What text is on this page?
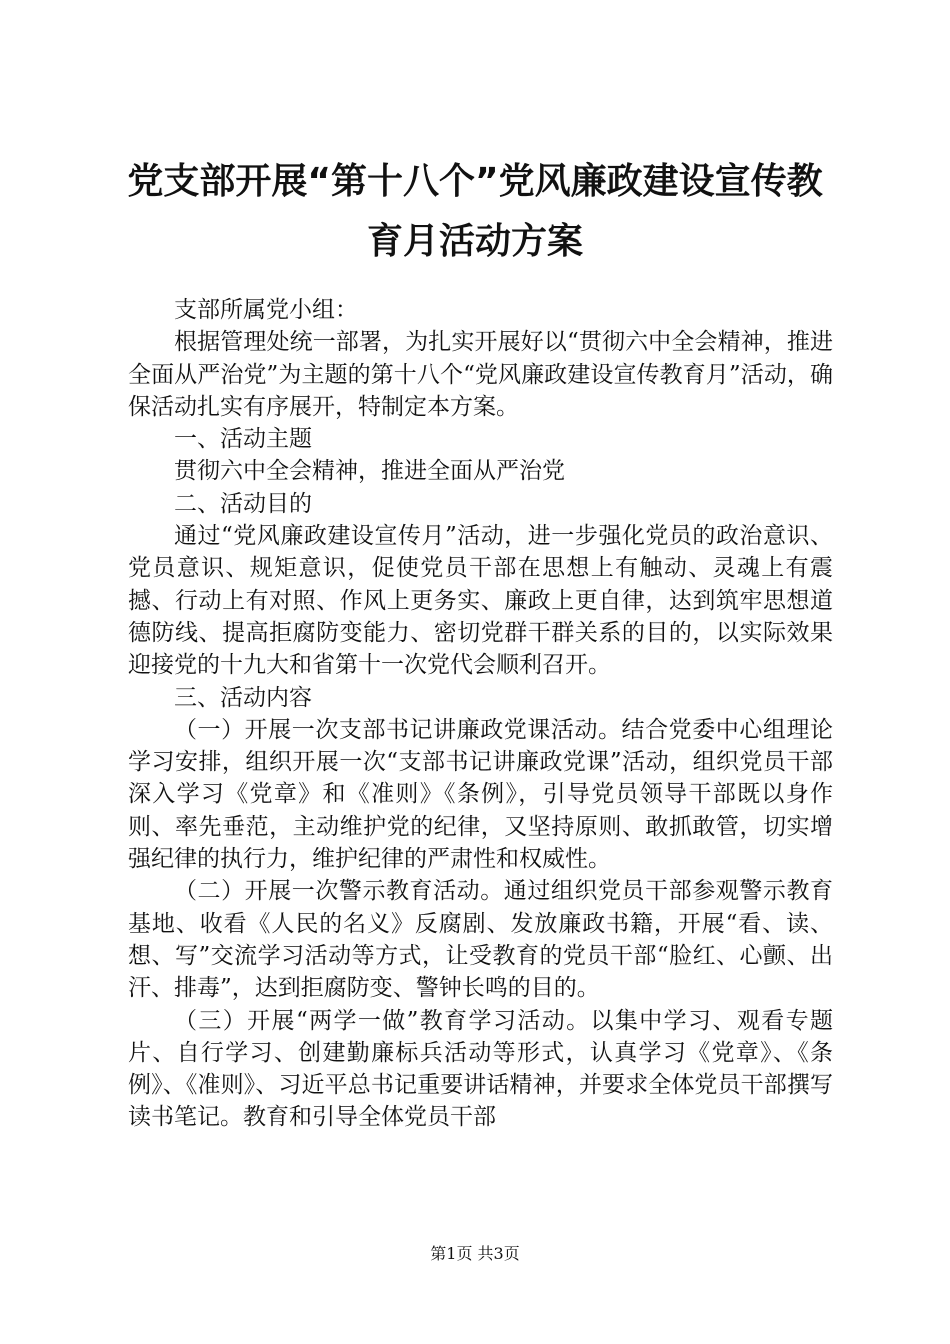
党支部开展“第十八个”党风廉政建设宣传教
育月活动方案

支部所属党小组：

根据管理处统一部署，为扎实开展好以“贯彻六中全会精神，推进全面从严治党”为主题的第十八个“党风廉政建设宣传教育月”活动，确保活动扎实有序展开，特制定本方案。

一、活动主题

贯彻六中全会精神，推进全面从严治党

二、活动目的

通过“党风廉政建设宣传月”活动，进一步强化党员的政治意识、党员意识、规矩意识，促使党员干部在思想上有触动、灵魂上有震撼、行动上有对照、作风上更务实、廉政上更自律，达到筑牢思想道德防线、提高拒腐防变能力、密切党群干群关系的目的，以实际效果迎接党的十九大和省第十一次党代会顺利召开。

三、活动内容

（一）开展一次支部书记讲廉政党课活动。结合党委中心组理论学习安排，组织开展一次“支部书记讲廉政党课”活动，组织党员干部深入学习《党章》和《准则》《条例》，引导党员领导干部既以身作则、率先垂范，主动维护党的纪律，又坚持原则、敢抓敢管，切实增强纪律的执行力，维护纪律的严肃性和权威性。

（二）开展一次警示教育活动。通过组织党员干部参观警示教育基地、收看《人民的名义》反腐剧、发放廉政书籍，开展“看、读、想、写”交流学习活动等方式，让受教育的党员干部“脸红、心颤、出汗、排毒”，达到拒腐防变、警钟长鸣的目的。

（三）开展“两学一做”教育学习活动。以集中学习、观看专题片、自行学习、创建勤廉标兵活动等形式，认真学习《党章》、《条例》、《准则》、习近平总书记重要讲话精神，并要求全体党员干部撰写读书笔记。教育和引导全体党员干部

第1页 共3页
